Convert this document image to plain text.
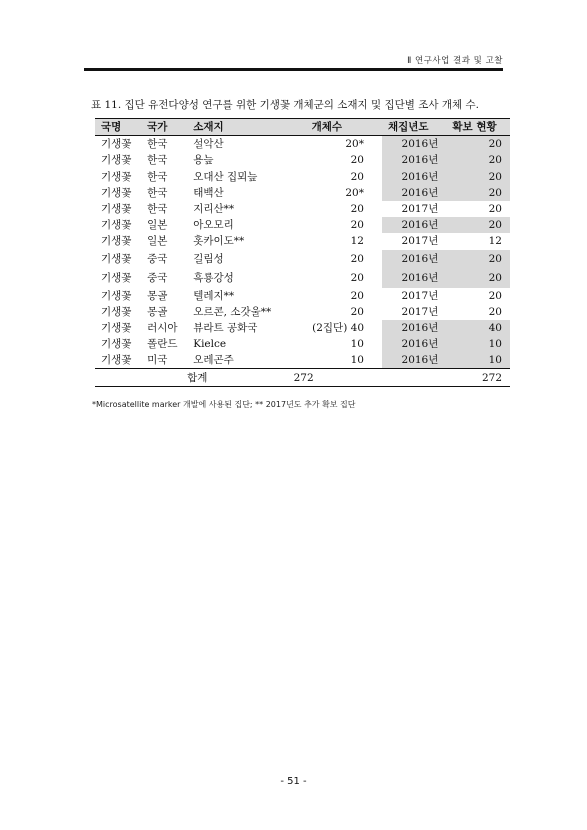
Ⅱ 연구사업 결과 및 고찰
표 11. 집단 유전다양성 연구를 위한 기생꽃 개체군의 소재지 및 집단별 조사 개체 수.
국명	국가	소재지	개체수	채집년도	확보 현황
기생꽃	한국	설악산	20*	2016년	20
기생꽃	한국	용늪	20	2016년	20
기생꽃	한국	오대산 집뫼늪	20	2016년	20
기생꽃	한국	태백산	20*	2016년	20
기생꽃	한국	지리산**	20	2017년	20
기생꽃	일본	아오모리	20	2016년	20
기생꽃	일본	홋카이도**	12	2017년	12
기생꽃	중국	길림성	20	2016년	20
기생꽃	중국	흑룡강성	20	2016년	20
기생꽃	몽골	텔레지**	20	2017년	20
기생꽃	몽골	오르콘, 소갓울**	20	2017년	20
기생꽃	러시아	뷰라트 공화국	(2집단) 40	2016년	40
기생꽃	폴란드	Kielce	10	2016년	10
기생꽃	미국	오레곤주	10	2016년	10
합계			272		272
*Microsatellite marker 개발에 사용된 집단; ** 2017년도 추가 확보 집단
- 51 -
